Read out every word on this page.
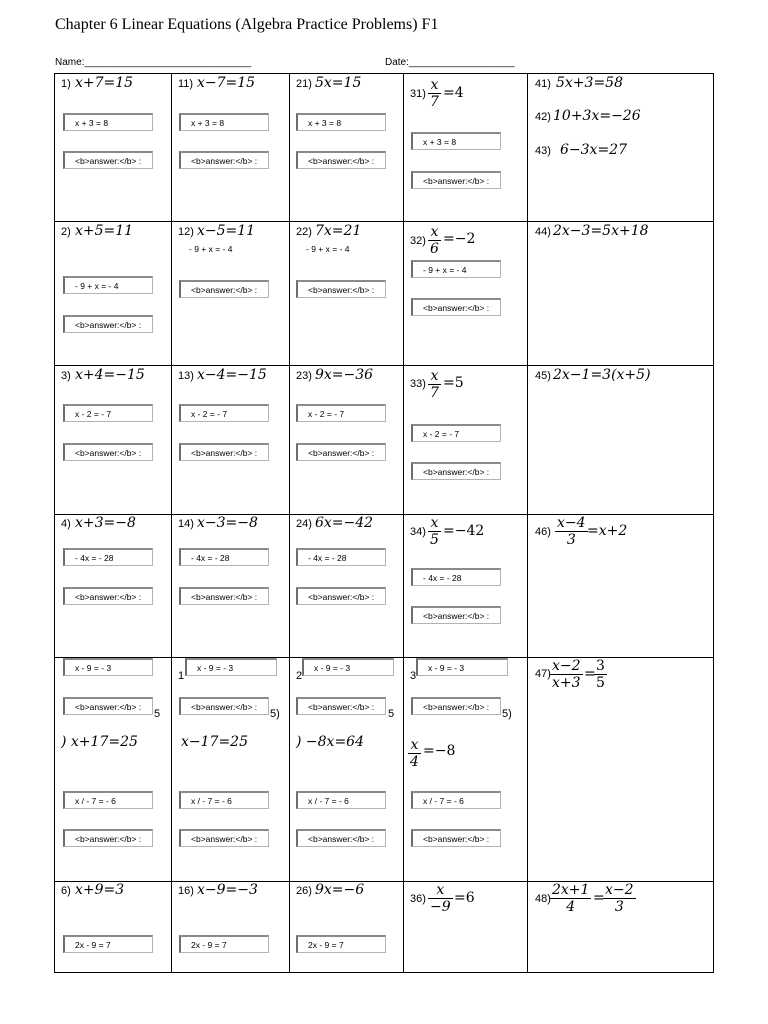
Chapter 6 Linear Equations (Algebra Practice Problems) F1
Name:______________________________	Date:___________________
1) x+7=15
x + 3 = 8
<b>answer:</b> :
11) x−7=15
x + 3 = 8
<b>answer:</b> :
21) 5x=15
x + 3 = 8
<b>answer:</b> :
$31) \frac{x}{7} =4$
x + 3 = 8
<b>answer:</b> :
41) 5x+3=58
42) 10+3x=−26
43) 6−3x=27
2) x+5=11
- 9 + x = - 4
<b>answer:</b> :
12) x−5=11
- 9 + x = - 4
<b>answer:</b> :
22) 7x=21
- 9 + x = - 4
<b>answer:</b> :
$32) \frac{x}{6} =-2$
- 9 + x = - 4
<b>answer:</b> :
44) 2x−3=5x+18
3) x+4=−15
x - 2 = - 7
<b>answer:</b> :
13) x−4=−15
x - 2 = - 7
<b>answer:</b> :
23) 9x=−36
x - 2 = - 7
<b>answer:</b> :
$33) \frac{x}{7} =5$
x - 2 = - 7
<b>answer:</b> :
45) 2x−1=3(x+5)
4) x+3=−8
- 4x = - 28
<b>answer:</b> :
14) x−3=−8
- 4x = - 28
<b>answer:</b> :
24) 6x=−42
- 4x = - 28
<b>answer:</b> :
$34) \frac{x}{5} =-42$
- 4x = - 28
<b>answer:</b> :
$46) \frac{x-4}{3} =x+2$
x - 9 = - 3	x - 9 = - 3	x - 9 = - 3	x - 9 = - 3
1	2	3
<b>answer:</b> :	<b>answer:</b> :	<b>answer:</b> :	<b>answer:</b> :
5	5)	5	5)
) x+17=25	x−17=25	) −8x=64	$\frac{x}{4} =-8$
$47) \frac{x-2}{x+3}$ =
$\frac{3}{5}$
x / - 7 = - 6	x / - 7 = - 6	x / - 7 = - 6	x / - 7 = - 6
<b>answer:</b> :	<b>answer:</b> :	<b>answer:</b> :	<b>answer:</b> :
6) x+9=3
2x - 9 = 7
16) x−9=−3
2x - 9 = 7
26) 9x=−6
2x - 9 = 7
$36) \frac{x}{-9} =6$	$48) \frac{2x+1}{4}$ =
$\frac{x-2}{3}$
